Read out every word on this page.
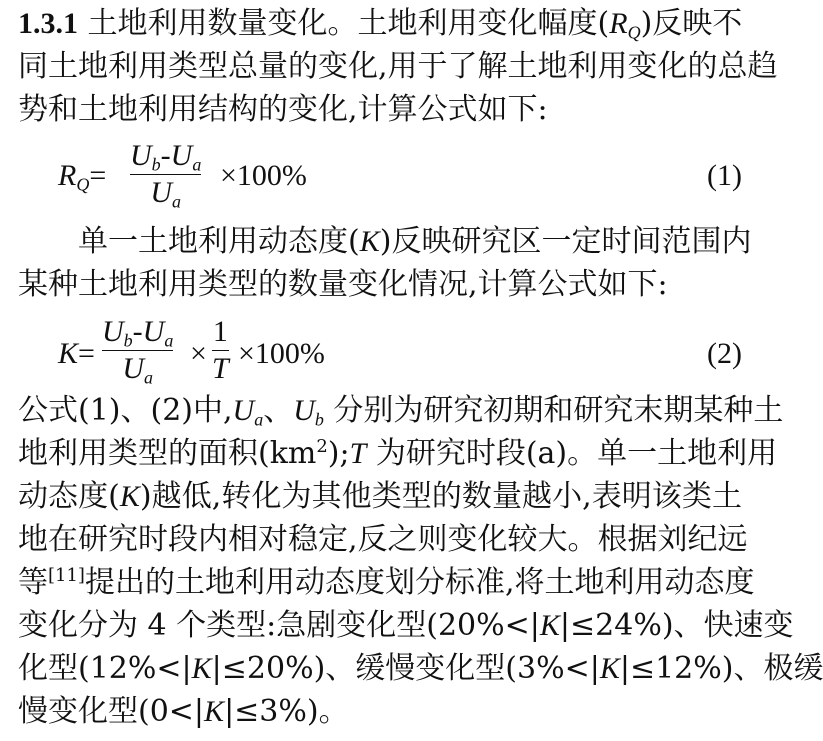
1.3.1 土地利用数量变化。土地利用变化幅度$(R_Q)$反映不
同土地利用类型总量的变化,用于了解土地利用变化的总趋
势和土地利用结构的变化,计算公式如下:
$R_Q=$
$U_b-U_a$
$U_a$
×100%	(1)
单一土地利用动态度(K)反映研究区一定时间范围内
某种土地利用类型的数量变化情况,计算公式如下:
K=
$U_b-U_a$
$U_a$
×
1
T ×100%	(2)
公式(1)、(2)中$,U_a$、$U_b$ 分别为研究初期和研究末期某种土
地利用类型的面积$(km^2);T$ 为研究时段(a)。单一土地利用
动态度(K)越低,转化为其他类型的数量越小,表明该类土
地在研究时段内相对稳定,反之则变化较大。根据刘纪远
等[11]提出的土地利用动态度划分标准,将土地利用动态度
变化分为 4 个类型:急剧变化型(20%<|K|≤24%)、快速变
化型(12%<|K|≤20%)、缓慢变化型(3%<|K|≤12%)、极缓
慢变化型(0<|K|≤3%)。
